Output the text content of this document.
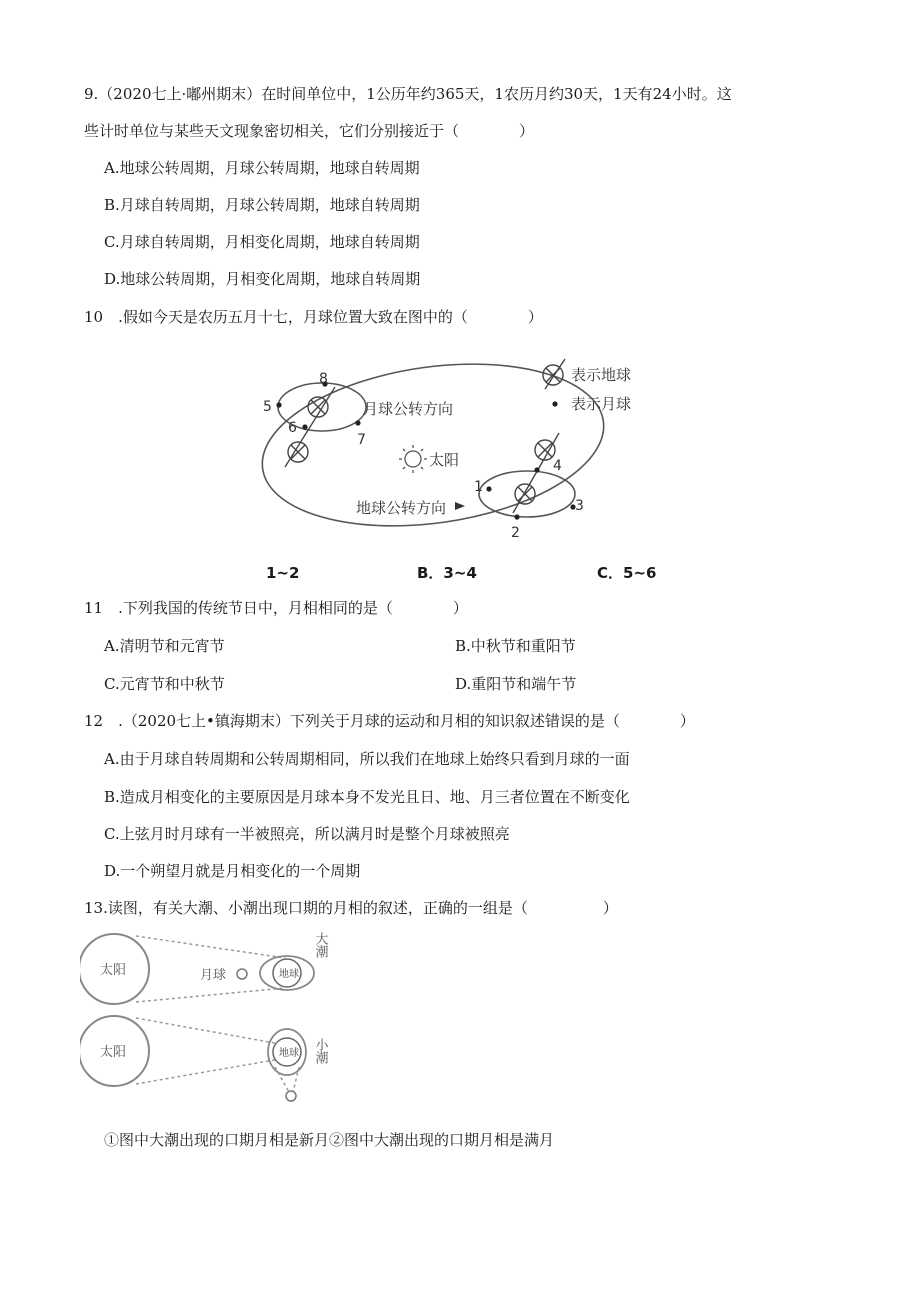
9.（2020七上·嘟州期末）在时间单位中，1公历年约365天，1农历月约30天，1天有24小时。这
些计时单位与某些天文现象密切相关，它们分别接近于（　　　　）
A.地球公转周期，月球公转周期，地球自转周期
B.月球自转周期，月球公转周期，地球自转周期
C.月球自转周期，月相变化周期，地球自转周期
D.地球公转周期，月相变化周期，地球自转周期
10　.假如今天是农历五月十七，月球位置大致在图中的（　　　　）
5
8
7
6
1
2
3
4
太阳
月球公转方向
地球公转方向
表示地球
表示月球
1~2	B．3~4	C．5~6
11　.下列我国的传统节日中，月相相同的是（　　　　）
A.清明节和元宵节	B.中秋节和重阳节
C.元宵节和中秋节	D.重阳节和端午节
12　.（2020七上•镇海期末）下列关于月球的运动和月相的知识叙述错误的是（　　　　）
A.由于月球自转周期和公转周期相同，所以我们在地球上始终只看到月球的一面
B.造成月相变化的主要原因是月球本身不发光且日、地、月三者位置在不断变化
C.上弦月时月球有一半被照亮，所以满月时是整个月球被照亮
D.一个朔望月就是月相变化的一个周期
13.读图，有关大潮、小潮出现口期的月相的叙述，正确的一组是（　　　　　）
太阳	月球	地球
大潮
太阳	地球 小潮
①图中大潮出现的口期月相是新月②图中大潮出现的口期月相是满月
